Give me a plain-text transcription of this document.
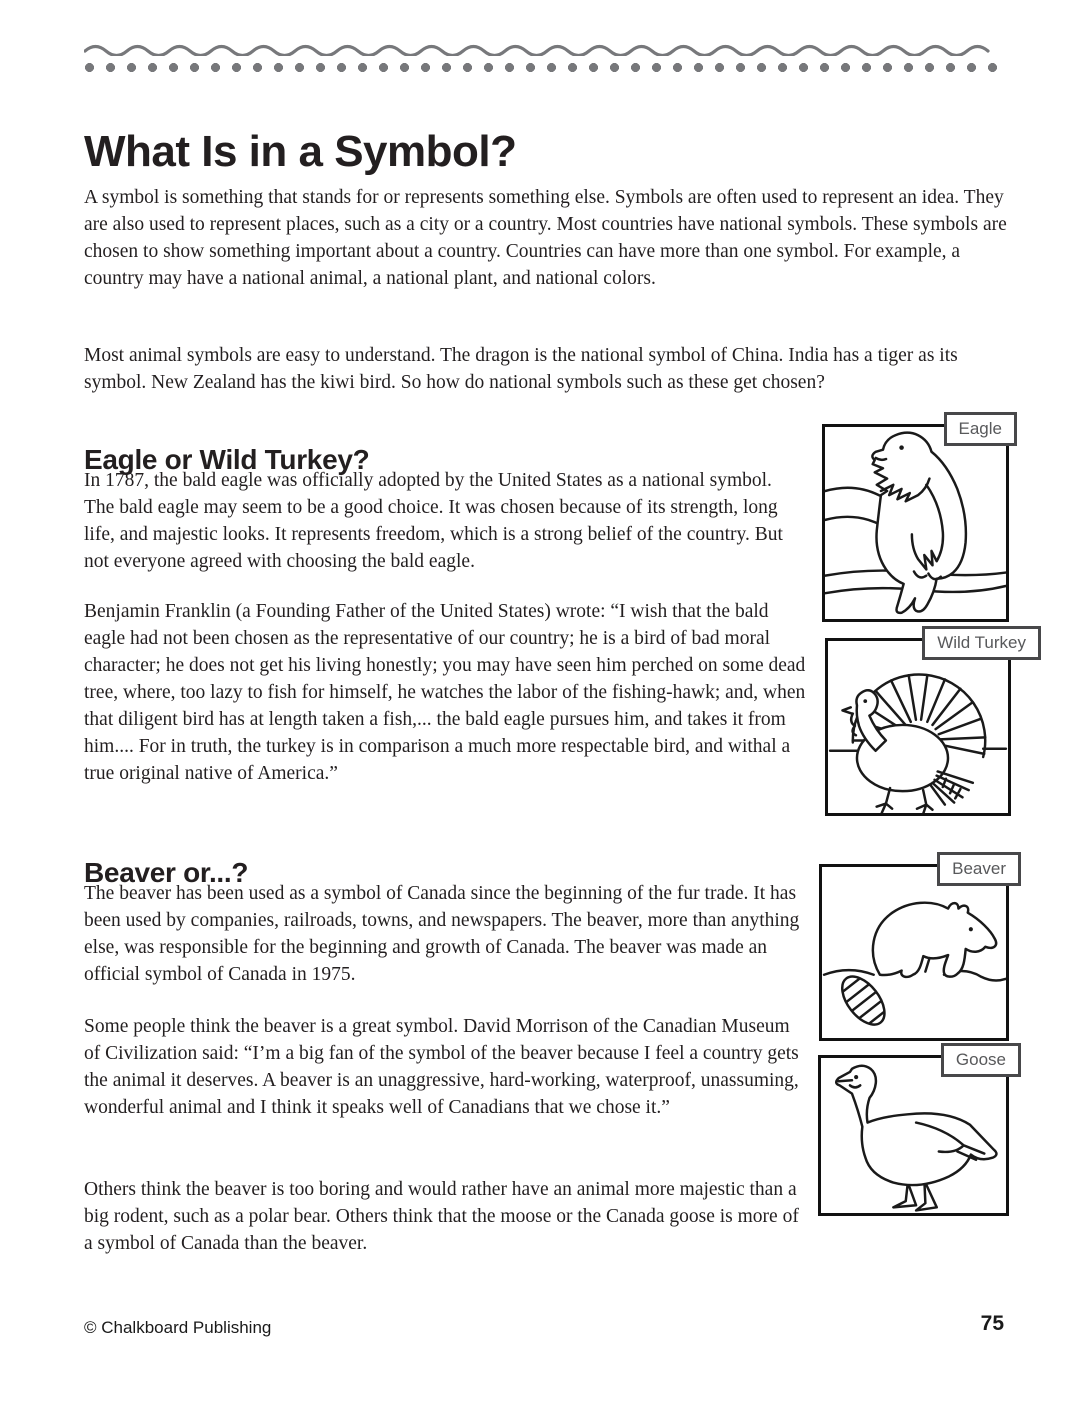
What Is in a Symbol?
A symbol is something that stands for or represents something else. Symbols are often used to represent an idea. They are also used to represent places, such as a city or a country. Most countries have national symbols. These symbols are chosen to show something important about a country. Countries can have more than one symbol. For example, a country may have a national animal, a national plant, and national colors.
Most animal symbols are easy to understand. The dragon is the national symbol of China. India has a tiger as its symbol. New Zealand has the kiwi bird. So how do national symbols such as these get chosen?
Eagle or Wild Turkey?
In 1787, the bald eagle was officially adopted by the United States as a national symbol. The bald eagle may seem to be a good choice. It was chosen because of its strength, long life, and majestic looks. It represents freedom, which is a strong belief of the country. But not everyone agreed with choosing the bald eagle.
Benjamin Franklin (a Founding Father of the United States) wrote: “I wish that the bald eagle had not been chosen as the representative of our country; he is a bird of bad moral character; he does not get his living honestly; you may have seen him perched on some dead tree, where, too lazy to fish for himself, he watches the labor of the fishing-hawk; and, when that diligent bird has at length taken a fish,... the bald eagle pursues him, and takes it from him.... For in truth, the turkey is in comparison a much more respectable bird, and withal a true original native of America.”
Beaver or...?
The beaver has been used as a symbol of Canada since the beginning of the fur trade. It has been used by companies, railroads, towns, and newspapers. The beaver, more than anything else, was responsible for the beginning and growth of Canada. The beaver was made an official symbol of Canada in 1975.
Some people think the beaver is a great symbol. David Morrison of the Canadian Museum of Civilization said: “I’m a big fan of the symbol of the beaver because I feel a country gets the animal it deserves. A beaver is an unaggressive, hard-working, waterproof, unassuming, wonderful animal and I think it speaks well of Canadians that we chose it.”
Others think the beaver is too boring and would rather have an animal more majestic than a big rodent, such as a polar bear. Others think that the moose or the Canada goose is more of a symbol of Canada than the beaver.
Eagle
Wild Turkey
Beaver
Goose
© Chalkboard Publishing	75
